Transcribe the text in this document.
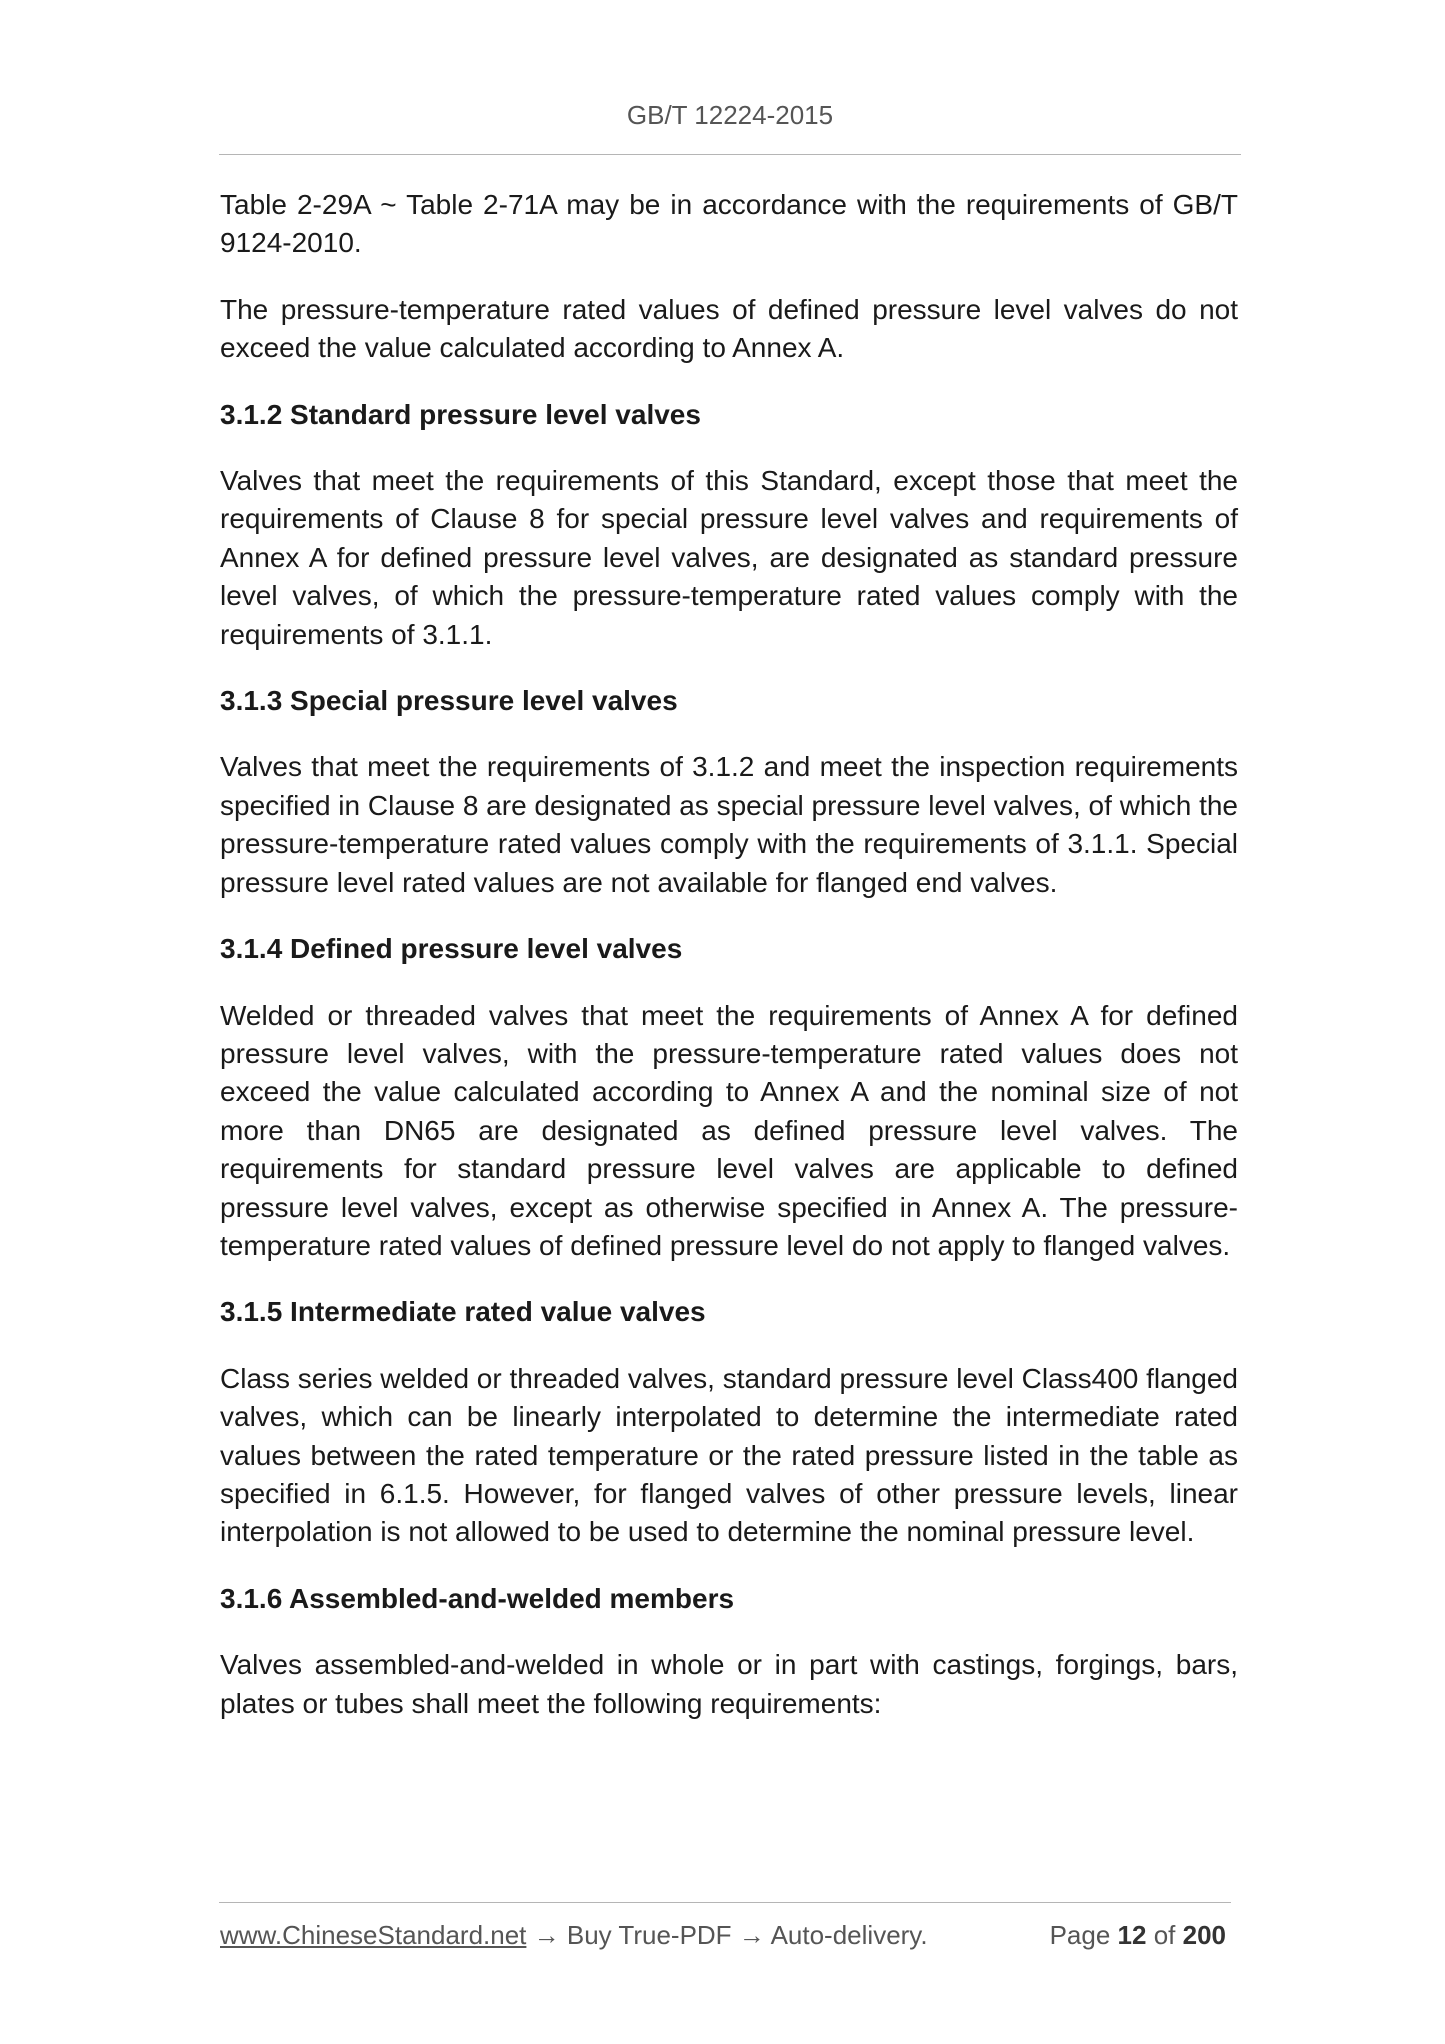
GB/T 12224-2015

Table 2-29A ~ Table 2-71A may be in accordance with the requirements of GB/T 9124-2010.

The pressure-temperature rated values of defined pressure level valves do not exceed the value calculated according to Annex A.

3.1.2 Standard pressure level valves

Valves that meet the requirements of this Standard, except those that meet the requirements of Clause 8 for special pressure level valves and requirements of Annex A for defined pressure level valves, are designated as standard pressure level valves, of which the pressure-temperature rated values comply with the requirements of 3.1.1.

3.1.3 Special pressure level valves

Valves that meet the requirements of 3.1.2 and meet the inspection requirements specified in Clause 8 are designated as special pressure level valves, of which the pressure-temperature rated values comply with the requirements of 3.1.1. Special pressure level rated values are not available for flanged end valves.

3.1.4 Defined pressure level valves

Welded or threaded valves that meet the requirements of Annex A for defined pressure level valves, with the pressure-temperature rated values does not exceed the value calculated according to Annex A and the nominal size of not more than DN65 are designated as defined pressure level valves. The requirements for standard pressure level valves are applicable to defined pressure level valves, except as otherwise specified in Annex A. The pressure-temperature rated values of defined pressure level do not apply to flanged valves.

3.1.5 Intermediate rated value valves

Class series welded or threaded valves, standard pressure level Class400 flanged valves, which can be linearly interpolated to determine the intermediate rated values between the rated temperature or the rated pressure listed in the table as specified in 6.1.5. However, for flanged valves of other pressure levels, linear interpolation is not allowed to be used to determine the nominal pressure level.

3.1.6 Assembled-and-welded members

Valves assembled-and-welded in whole or in part with castings, forgings, bars, plates or tubes shall meet the following requirements:

www.ChineseStandard.net → Buy True-PDF → Auto-delivery.	Page 12 of 200
